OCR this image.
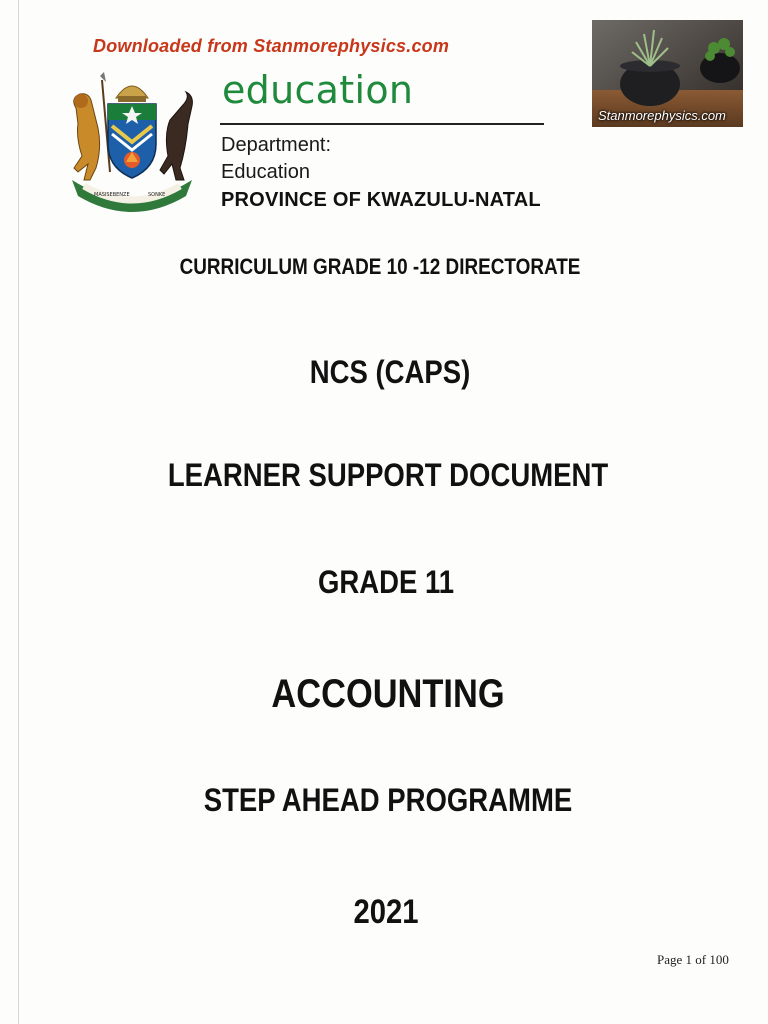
Downloaded from Stanmorephysics.com
MASISEBENZE	SONKE
education
Department:
Education
PROVINCE OF KWAZULU-NATAL
Stanmorephysics.com
CURRICULUM GRADE 10 -12 DIRECTORATE
NCS (CAPS)
LEARNER SUPPORT DOCUMENT
GRADE 11
ACCOUNTING
STEP AHEAD PROGRAMME
2021
Page 1 of 100
